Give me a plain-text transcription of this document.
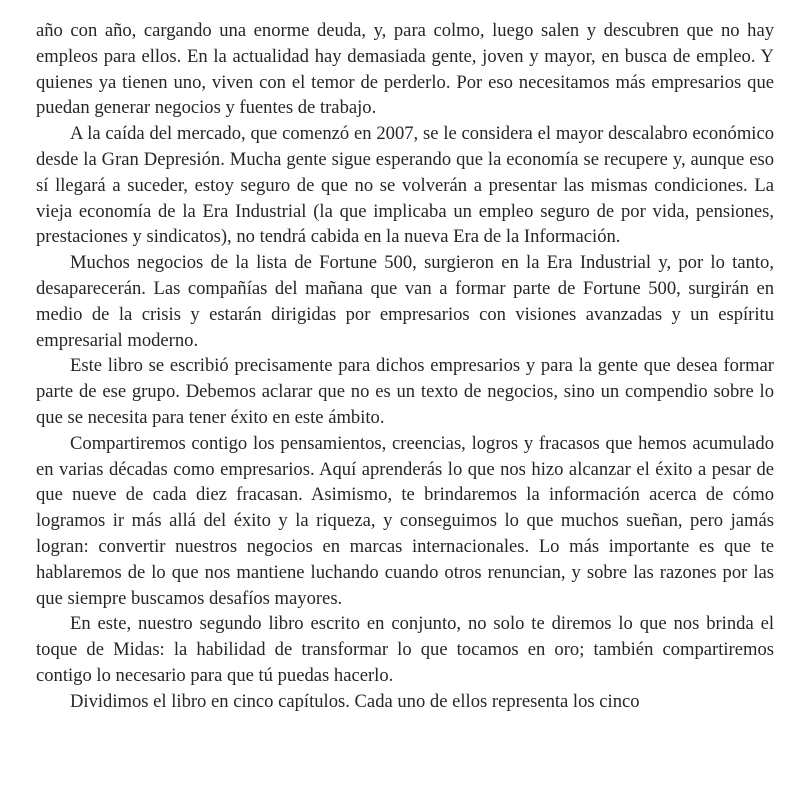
año con año, cargando una enorme deuda, y, para colmo, luego salen y descubren que no hay empleos para ellos. En la actualidad hay demasiada gente, joven y mayor, en busca de empleo. Y quienes ya tienen uno, viven con el temor de perderlo. Por eso necesitamos más empresarios que puedan generar negocios y fuentes de trabajo.

A la caída del mercado, que comenzó en 2007, se le considera el mayor descalabro económico desde la Gran Depresión. Mucha gente sigue esperando que la economía se recupere y, aunque eso sí llegará a suceder, estoy seguro de que no se volverán a presentar las mismas condiciones. La vieja economía de la Era Industrial (la que implicaba un empleo seguro de por vida, pensiones, prestaciones y sindicatos), no tendrá cabida en la nueva Era de la Información.

Muchos negocios de la lista de Fortune 500, surgieron en la Era Industrial y, por lo tanto, desaparecerán. Las compañías del mañana que van a formar parte de Fortune 500, surgirán en medio de la crisis y estarán dirigidas por empresarios con visiones avanzadas y un espíritu empresarial moderno.

Este libro se escribió precisamente para dichos empresarios y para la gente que desea formar parte de ese grupo. Debemos aclarar que no es un texto de negocios, sino un compendio sobre lo que se necesita para tener éxito en este ámbito.

Compartiremos contigo los pensamientos, creencias, logros y fracasos que hemos acumulado en varias décadas como empresarios. Aquí aprenderás lo que nos hizo alcanzar el éxito a pesar de que nueve de cada diez fracasan. Asimismo, te brindaremos la información acerca de cómo logramos ir más allá del éxito y la riqueza, y conseguimos lo que muchos sueñan, pero jamás logran: convertir nuestros negocios en marcas internacionales. Lo más importante es que te hablaremos de lo que nos mantiene luchando cuando otros renuncian, y sobre las razones por las que siempre buscamos desafíos mayores.

En este, nuestro segundo libro escrito en conjunto, no solo te diremos lo que nos brinda el toque de Midas: la habilidad de transformar lo que tocamos en oro; también compartiremos contigo lo necesario para que tú puedas hacerlo.

Dividimos el libro en cinco capítulos. Cada uno de ellos representa los cinco
